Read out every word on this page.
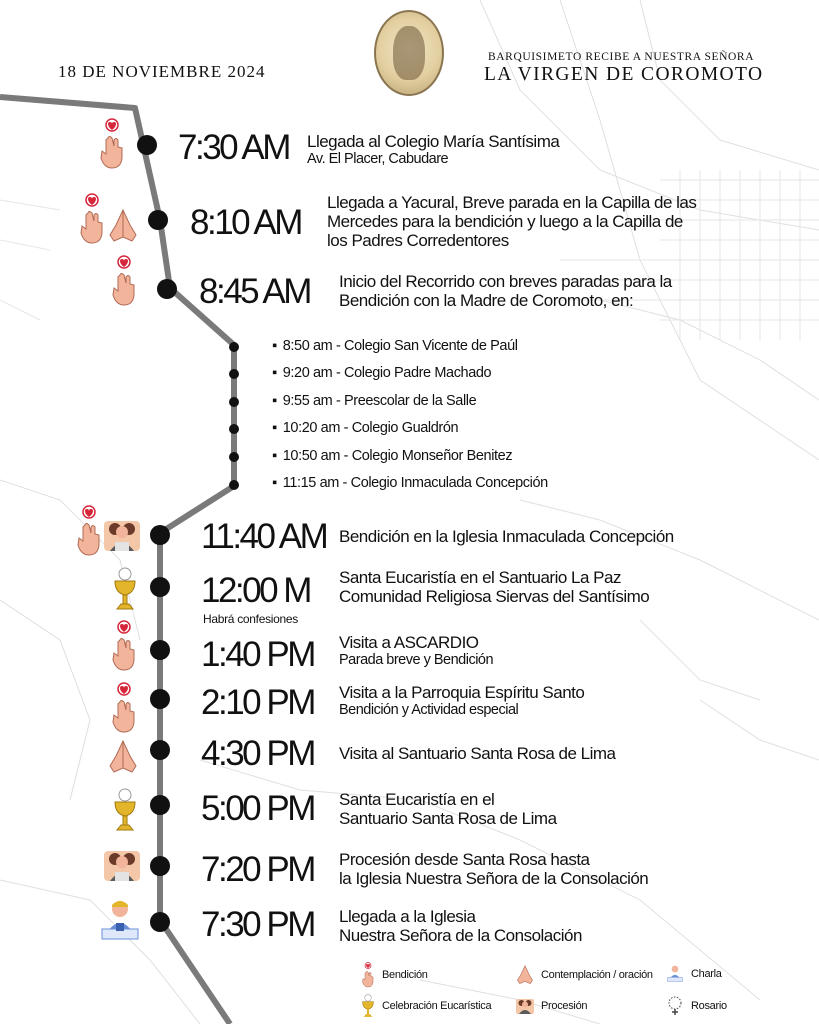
18 DE NOVIEMBRE 2024
BARQUISIMETO RECIBE A NUESTRA SEÑORA
LA VIRGEN DE COROMOTO
7:30 AM Llegada al Colegio María Santísima
Av. El Placer, Cabudare
8:10 AM
Llegada a Yacural, Breve parada en la Capilla de las
Mercedes para la bendición y luego a la Capilla de
los Padres Corredentores
8:45 AM Inicio del Recorrido con breves paradas para la
Bendición con la Madre de Coromoto, en:
▪ 8:50 am - Colegio San Vicente de Paúl
▪ 9:20 am - Colegio Padre Machado
▪ 9:55 am - Preescolar de la Salle
▪ 10:20 am - Colegio Gualdrón
▪ 10:50 am - Colegio Monseñor Benitez
▪ 11:15 am - Colegio Inmaculada Concepción
11:40 AM Bendición en la Iglesia Inmaculada Concepción
12:00 M
Habrá confesiones
Santa Eucaristía en el Santuario La Paz
Comunidad Religiosa Siervas del Santísimo
1:40 PM Visita a ASCARDIO
Parada breve y Bendición
2:10 PM Visita a la Parroquia Espíritu Santo
Bendición y Actividad especial
4:30 PM Visita al Santuario Santa Rosa de Lima
5:00 PM Santa Eucaristía en el
Santuario Santa Rosa de Lima
7:20 PM Procesión desde Santa Rosa hasta
la Iglesia Nuestra Señora de la Consolación
7:30 PM Llegada a la Iglesia
Nuestra Señora de la Consolación
Bendición	Contemplación / oración	Charla
Celebración Eucarística	Procesión	Rosario
